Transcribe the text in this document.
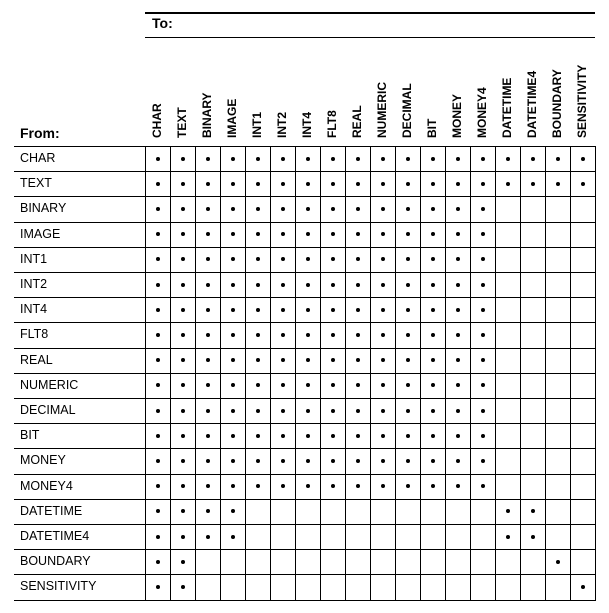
To:
From:	CHAR TEXT BINARY IMAGE INT1 INT2 INT4 FLT8 REAL NUMERIC DECIMAL BIT MONEY MONEY4 DATETIME DATETIME4 BOUNDARY SENSITIVITY
CHAR
TEXT
BINARY
IMAGE
INT1
INT2
INT4
FLT8
REAL
NUMERIC
DECIMAL
BIT
MONEY
MONEY4
DATETIME
DATETIME4
BOUNDARY
SENSITIVITY
